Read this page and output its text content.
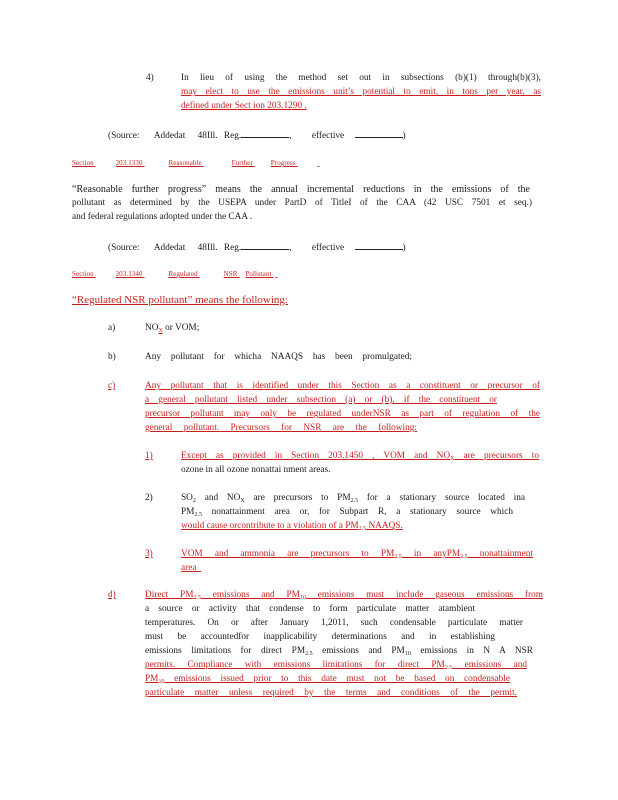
4)	In lieu of using the method set out in subsections (b)(1) through(b)(3),
may elect to use the emissions unit’s potential to emit, in tons per year, as
defined under Sect ion 203.1290 .
(Source: Addedat 48Ill. Reg.	, effective	)
Section	203.1330	Reasonable	Further	Progress
“Reasonable further progress” means the annual incremental reductions in the emissions of the
pollutant as determined by the USEPA under PartD of TitleI of the CAA (42 USC 7501 et seq.)
and federal regulations adopted under the CAA .
(Source: Addedat 48Ill. Reg.	, effective	)
Section	203.1340	Regulated	NSR Pollutant
“Regulated NSR pollutant” means the following:
a)	$NO_X$ or VOM;
b)	Any pollutant for whicha NAAQS has been promulgated;
c)	Any pollutant that is identified under this Section as a constituent or precursor of
a general pollutant listed under subsection (a) or (b), if the constituent or
precursor pollutant may only be regulated underNSR as part of regulation of the
general pollutant. Precursors for NSR are the following:
1)	Except as provided in Section 203.1450 , VOM and $NO_X$ are precursors to
ozone in all ozone nonattai nment areas.
2)	$SO_2$ and $NO_X$ are precursors to $PM_{2.5}$ for a stationary source located ina
$PM_{2.5}$ nonattainment area or, for Subpart R, a stationary source which
would cause orcontribute to a violation of a $PM_{2.5}$ NAAQS.
3)	VOM and ammonia are precursors to $PM_{2.5}$ in anyPM$_{2.5}$ nonattainment
area
d)	Direct $PM_{2.5}$ emissions and $PM_{10}$ emissions must include gaseous emissions from
a source or activity that condense to form particulate matter atambient
temperatures. On or after January 1,2011, such condensable particulate matter
must be accountedfor inapplicability determinations and in establishing
emissions limitations for direct $PM_{2.5}$ emissions and $PM_{10}$ emissions in N A NSR
permits. Compliance with emissions limitations for direct $PM_{2.5}$ emissions and
$PM_{10}$ emissions issued prior to this date must not be based on condensable
particulate matter unless required by the terms and conditions of the permit.
